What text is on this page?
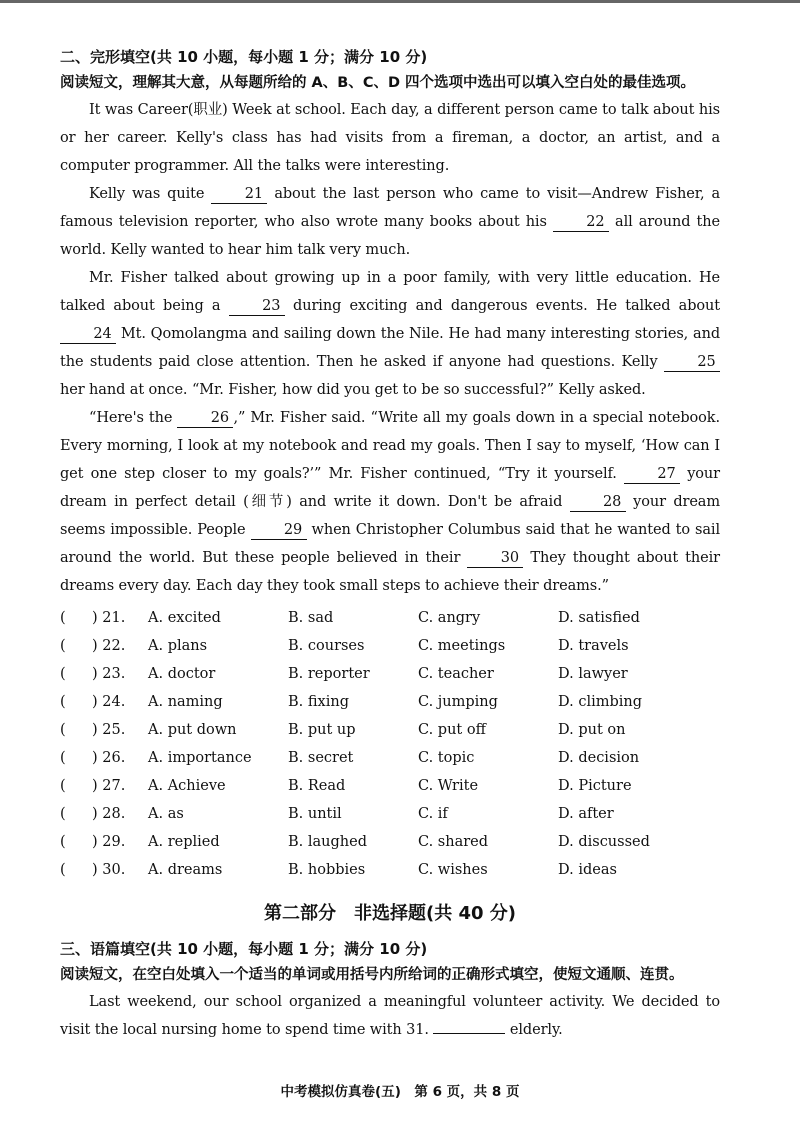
二、完形填空(共 10 小题，每小题 1 分；满分 10 分)
阅读短文，理解其大意，从每题所给的 A、B、C、D 四个选项中选出可以填入空白处的最佳选项。

It was Career(职业) Week at school. Each day, a different person came to talk about his or her career. Kelly's class has had visits from a fireman, a doctor, an artist, and a computer programmer. All the talks were interesting.

Kelly was quite 21 about the last person who came to visit—Andrew Fisher, a famous television reporter, who also wrote many books about his 22 all around the world. Kelly wanted to hear him talk very much.

Mr. Fisher talked about growing up in a poor family, with very little education. He talked about being a 23 during exciting and dangerous events. He talked about 24 Mt. Qomolangma and sailing down the Nile. He had many interesting stories, and the students paid close attention. Then he asked if anyone had questions. Kelly 25 her hand at once. “Mr. Fisher, how did you get to be so successful?” Kelly asked.

“Here's the 26 ,” Mr. Fisher said. “Write all my goals down in a special notebook. Every morning, I look at my notebook and read my goals. Then I say to myself, ‘How can I get one step closer to my goals?’” Mr. Fisher continued, “Try it yourself. 27 your dream in perfect detail (细节) and write it down. Don't be afraid 28 your dream seems impossible. People 29 when Christopher Columbus said that he wanted to sail around the world. But these people believed in their 30 They thought about their dreams every day. Each day they took small steps to achieve their dreams.”

(	) 21.	A. excited	B. sad	C. angry	D. satisfied
(	) 22.	A. plans	B. courses	C. meetings	D. travels
(	) 23.	A. doctor	B. reporter	C. teacher	D. lawyer
(	) 24.	A. naming	B. fixing	C. jumping	D. climbing
(	) 25.	A. put down	B. put up	C. put off	D. put on
(	) 26.	A. importance	B. secret	C. topic	D. decision
(	) 27.	A. Achieve	B. Read	C. Write	D. Picture
(	) 28.	A. as	B. until	C. if	D. after
(	) 29.	A. replied	B. laughed	C. shared	D. discussed
(	) 30.	A. dreams	B. hobbies	C. wishes	D. ideas
第二部分　非选择题(共 40 分)
三、语篇填空(共 10 小题，每小题 1 分；满分 10 分)
阅读短文，在空白处填入一个适当的单词或用括号内所给词的正确形式填空，使短文通顺、连贯。

Last weekend, our school organized a meaningful volunteer activity. We decided to visit the local nursing home to spend time with 31.	elderly.

中考模拟仿真卷(五)　第 6 页，共 8 页
